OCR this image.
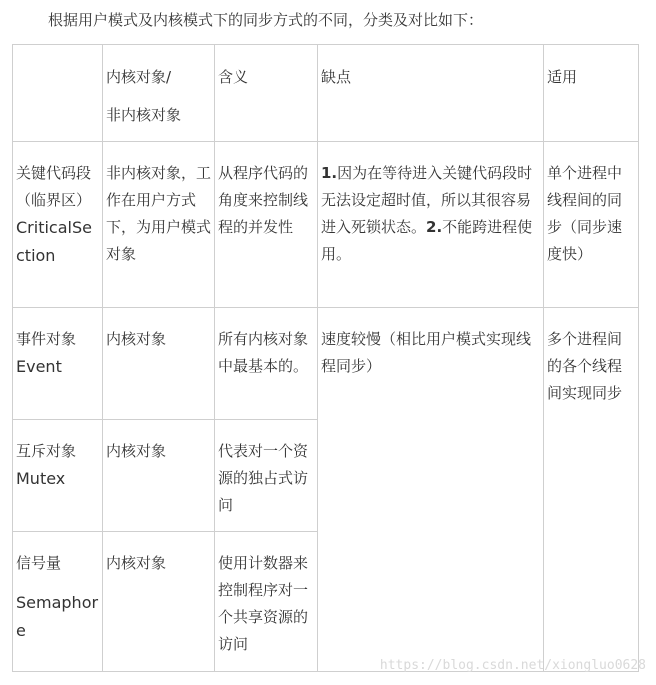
根据用户模式及内核模式下的同步方式的不同，分类及对比如下：

	内核对象/
非内核对象	含义	缺点	适用
关键代码段（临界区）CriticalSection	非内核对象，工作在用户方式下，为用户模式对象	从程序代码的角度来控制线程的并发性	1.因为在等待进入关键代码段时无法设定超时值，所以其很容易进入死锁状态。2.不能跨进程使用。	单个进程中线程间的同步（同步速度快）

事件对象
Event	内核对象	所有内核对象中最基本的。	速度较慢（相比用户模式实现线程同步）	多个进程间的各个线程间实现同步

互斥对象
Mutex	内核对象	代表对一个资源的独占式访问		

信号量
Semaphore	内核对象	使用计数器来控制程序对一个共享资源的访问		
https://blog.csdn.net/xiongluo0628
